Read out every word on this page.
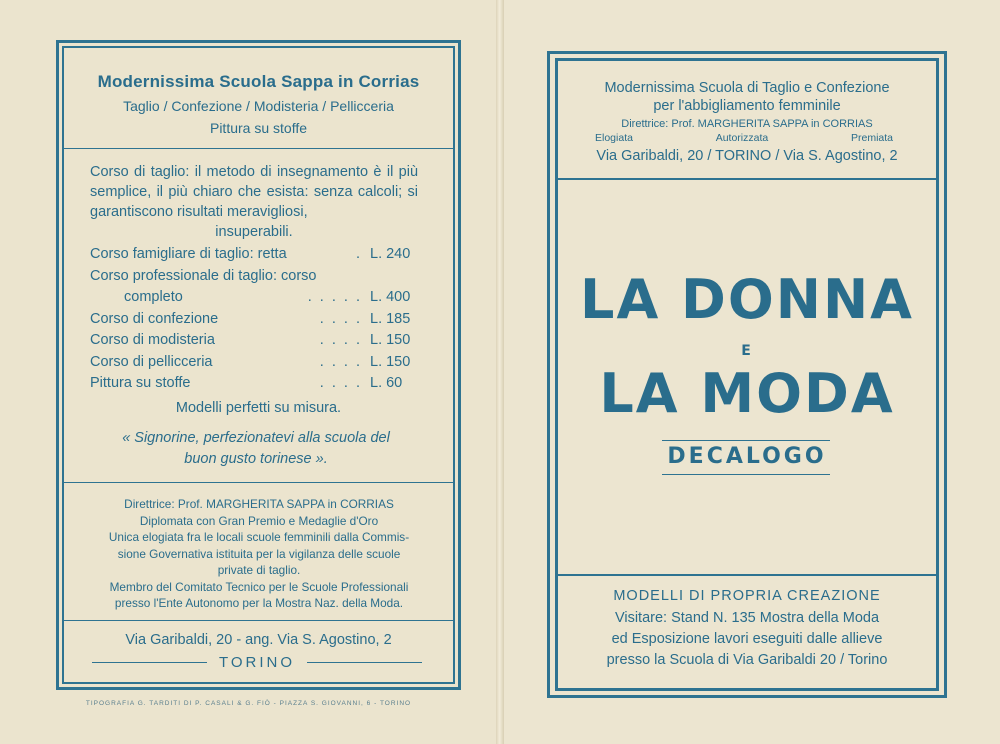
Modernissima Scuola Sappa in Corrias
Taglio / Confezione / Modisteria / Pellicceria
Pittura su stoffe
Corso di taglio: il metodo di insegnamento è il più semplice, il più chiaro che esista: senza calcoli; si garantiscono risultati meravigliosi,
insuperabili.
Corso famigliare di taglio: retta	. L. 240
Corso professionale di taglio: corso
completo	. . . . . L. 400
Corso di confezione	. . . . L. 185
Corso di modisteria	. . . . L. 150
Corso di pellicceria	. . . . L. 150
Pittura su stoffe	. . . . L. 60
Modelli perfetti su misura.
« Signorine, perfezionatevi alla scuola del
buon gusto torinese ».
Direttrice: Prof. MARGHERITA SAPPA in CORRIAS
Diplomata con Gran Premio e Medaglie d'Oro
Unica elogiata fra le locali scuole femminili dalla Commis-
sione Governativa istituita per la vigilanza delle scuole
private di taglio.
Membro del Comitato Tecnico per le Scuole Professionali
presso l'Ente Autonomo per la Mostra Naz. della Moda.
Via Garibaldi, 20 - ang. Via S. Agostino, 2
TORINO
TIPOGRAFIA G. TARDITI DI P. CASALI & G. FIÒ - PIAZZA S. GIOVANNI, 6 - TORINO
Modernissima Scuola di Taglio e Confezione
per l'abbigliamento femminile
Direttrice: Prof. MARGHERITA SAPPA in CORRIAS
Elogiata	Autorizzata	Premiata
Via Garibaldi, 20 / TORINO / Via S. Agostino, 2
LA DONNA
E
LA MODA
DECALOGO
MODELLI DI PROPRIA CREAZIONE
Visitare: Stand N. 135 Mostra della Moda
ed Esposizione lavori eseguiti dalle allieve
presso la Scuola di Via Garibaldi 20 / Torino
